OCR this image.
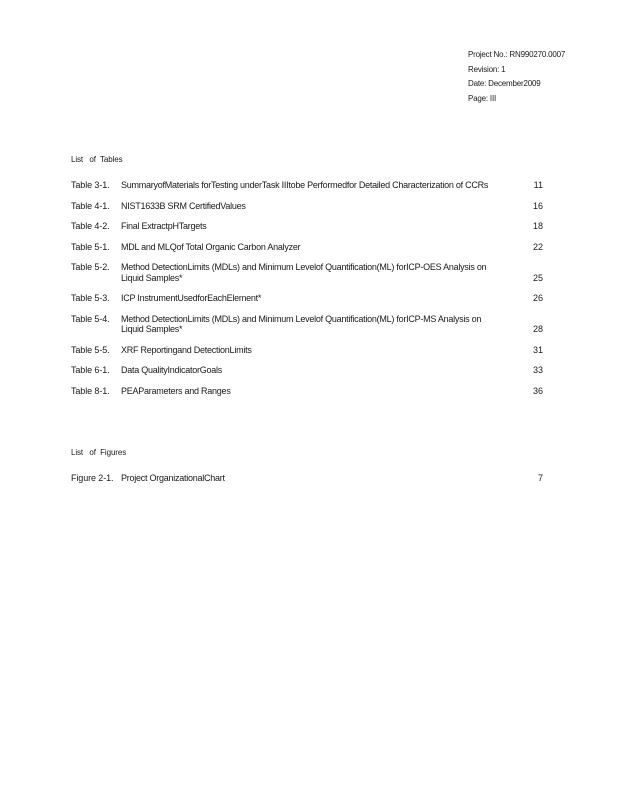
Project No.: RN990270.0007
Revision: 1
Date: December2009
Page: III
List   of  Tables
Table 3-1. SummaryofMaterials forTesting underTask IIItobe Performedfor Detailed Characterization of CCRs	11
Table 4-1. NIST1633B SRM CertifiedValues	16
Table 4-2. Final ExtractpHTargets	18
Table 5-1. MDL and MLQof Total Organic Carbon Analyzer	22
Table 5-2. Method DetectionLimits (MDLs) and Minimum Levelof Quantification(ML) forICP-OES Analysis on Liquid Samples*	25
Table 5-3. ICP InstrumentUsedforEachElement*	26
Table 5-4. Method DetectionLimits (MDLs) and Minimum Levelof Quantification(ML) forICP-MS Analysis on Liquid Samples*	28
Table 5-5. XRF Reportingand DetectionLimits	31
Table 6-1. Data QualityIndicatorGoals	33
Table 8-1. PEAParameters and Ranges	36
List   of  Figures
Figure 2-1. Project OrganizationalChart	7
